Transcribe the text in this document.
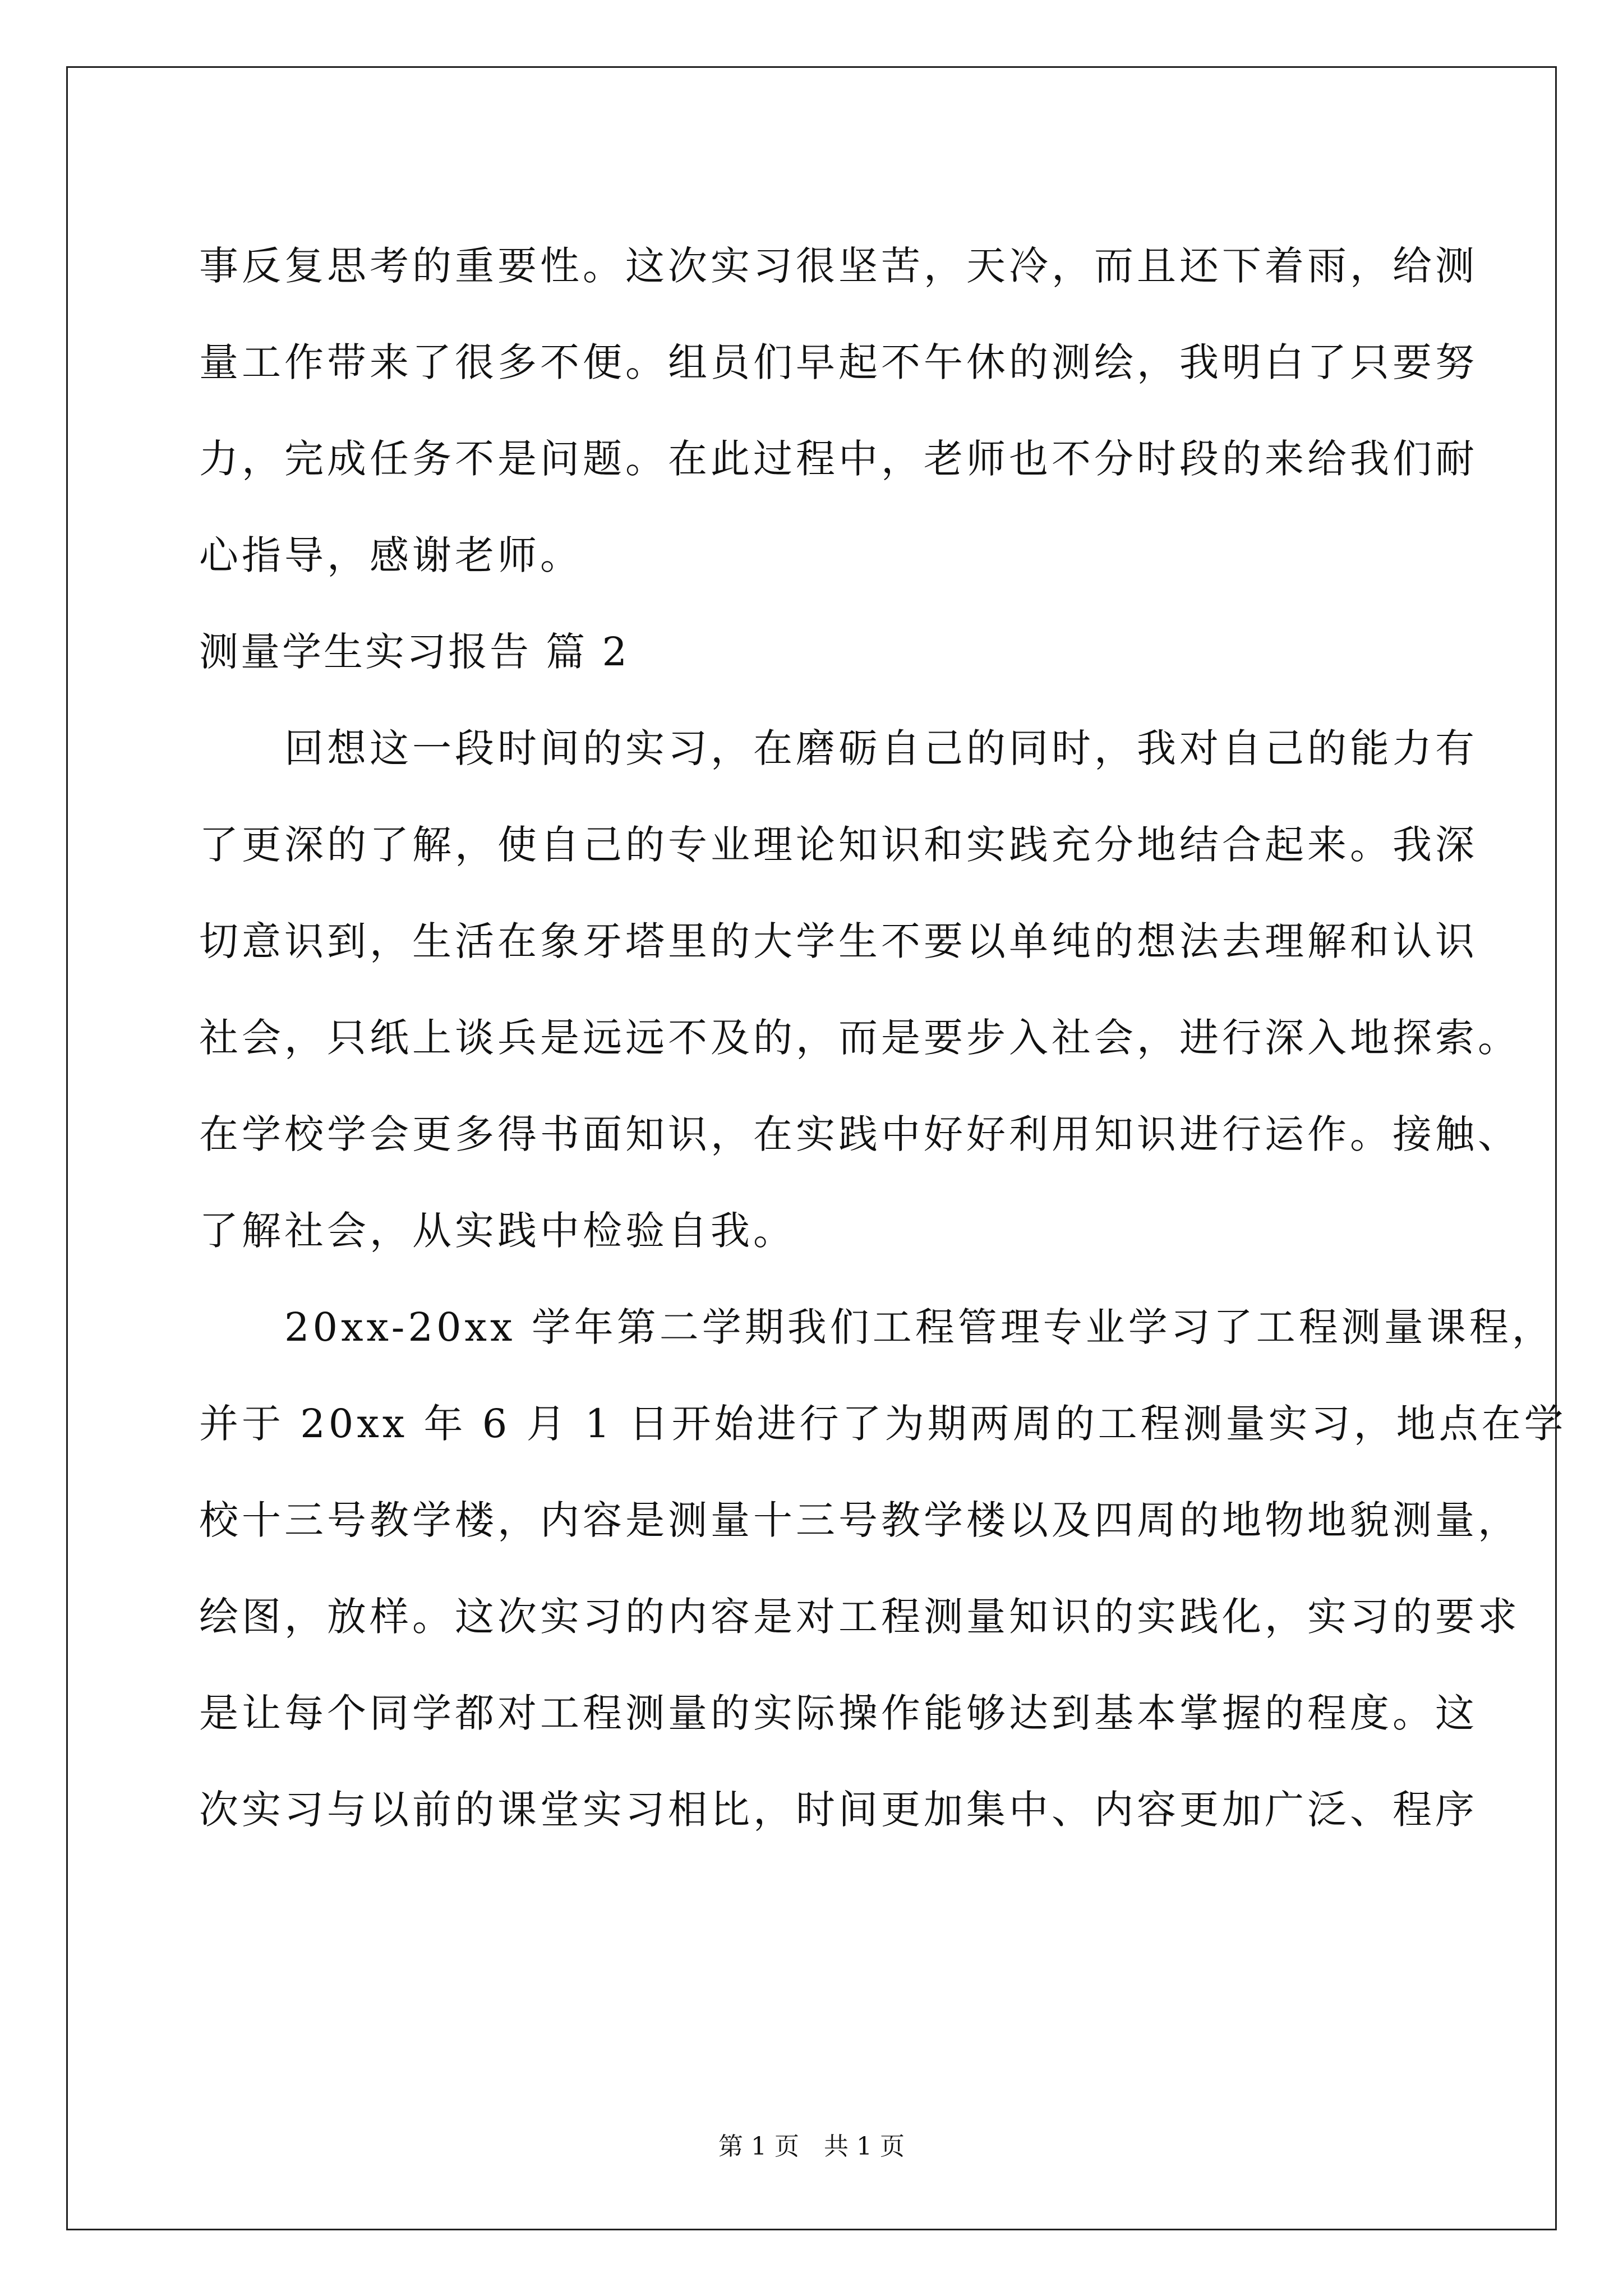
事反复思考的重要性。这次实习很坚苦，天冷，而且还下着雨，给测
量工作带来了很多不便。组员们早起不午休的测绘，我明白了只要努
力，完成任务不是问题。在此过程中，老师也不分时段的来给我们耐
心指导，感谢老师。
测量学生实习报告 篇 2
　　回想这一段时间的实习，在磨砺自己的同时，我对自己的能力有
了更深的了解，使自己的专业理论知识和实践充分地结合起来。我深
切意识到，生活在象牙塔里的大学生不要以单纯的想法去理解和认识
社会，只纸上谈兵是远远不及的，而是要步入社会，进行深入地探索。
在学校学会更多得书面知识，在实践中好好利用知识进行运作。接触、
了解社会，从实践中检验自我。
　　20xx-20xx 学年第二学期我们工程管理专业学习了工程测量课程，
并于 20xx 年 6 月 1 日开始进行了为期两周的工程测量实习，地点在学
校十三号教学楼，内容是测量十三号教学楼以及四周的地物地貌测量，
绘图，放样。这次实习的内容是对工程测量知识的实践化，实习的要求
是让每个同学都对工程测量的实际操作能够达到基本掌握的程度。这
次实习与以前的课堂实习相比，时间更加集中、内容更加广泛、程序
第 1 页　共 1 页
